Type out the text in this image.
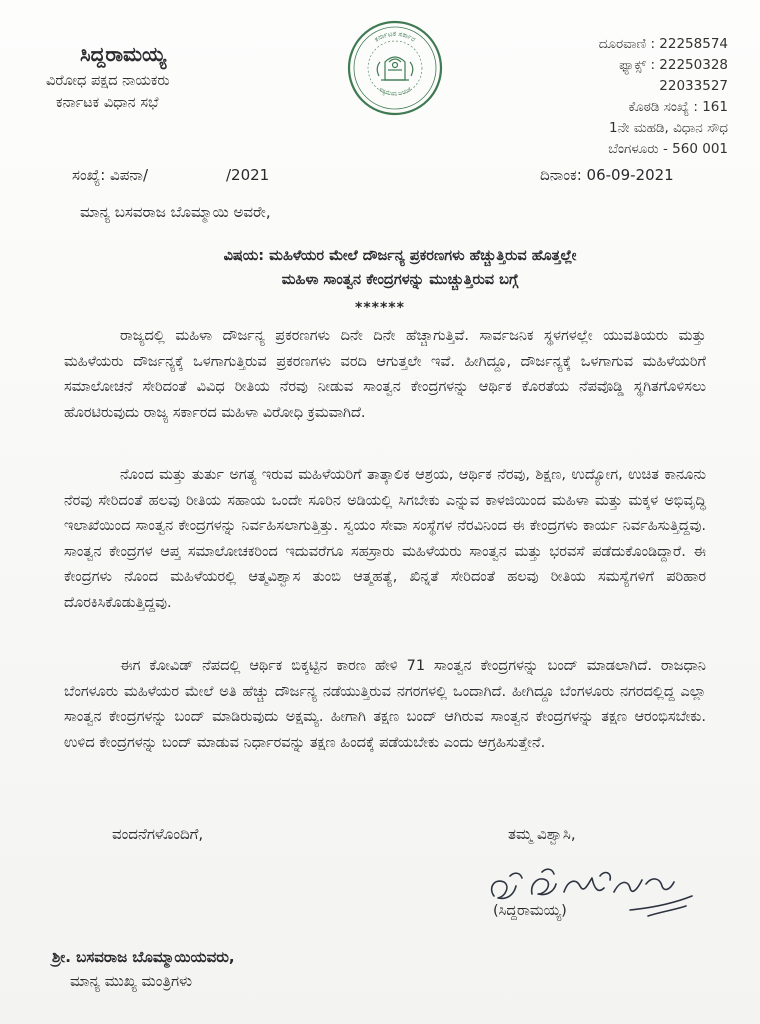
ಸಿದ್ದರಾಮಯ್ಯ
ವಿರೋಧ ಪಕ್ಷದ ನಾಯಕರು
ಕರ್ನಾಟಕ ವಿಧಾನ ಸಭೆ
ಕರ್ನಾಟಕ ಸರ್ಕಾರ
ಸತ್ಯಮೇವ ಜಯತೆ
ದೂರವಾಣಿ : 22258574
ಫ್ಯಾಕ್ಸ್ : 22250328
22033527
ಕೊಠಡಿ ಸಂಖ್ಯೆ : 161
1ನೇ ಮಹಡಿ, ವಿಧಾನ ಸೌಧ
ಬೆಂಗಳೂರು - 560 001
ಸಂಖ್ಯೆ: ವಿಪನಾ/	/2021	ದಿನಾಂಕ: 06-09-2021
ಮಾನ್ಯ ಬಸವರಾಜ ಬೊಮ್ಮಾಯಿ ಅವರೇ,
ವಿಷಯ: ಮಹಿಳೆಯರ ಮೇಲೆ ದೌರ್ಜನ್ಯ ಪ್ರಕರಣಗಳು ಹೆಚ್ಚುತ್ತಿರುವ ಹೊತ್ತಲ್ಲೇ
ಮಹಿಳಾ ಸಾಂತ್ವನ ಕೇಂದ್ರಗಳನ್ನು ಮುಚ್ಚುತ್ತಿರುವ ಬಗ್ಗೆ
******
ರಾಜ್ಯದಲ್ಲಿ ಮಹಿಳಾ ದೌರ್ಜನ್ಯ ಪ್ರಕರಣಗಳು ದಿನೇ ದಿನೇ ಹೆಚ್ಚಾಗುತ್ತಿವೆ. ಸಾರ್ವಜನಿಕ ಸ್ಥಳಗಳಲ್ಲೇ ಯುವತಿಯರು ಮತ್ತು ಮಹಿಳೆಯರು ದೌರ್ಜನ್ಯಕ್ಕೆ ಒಳಗಾಗುತ್ತಿರುವ ಪ್ರಕರಣಗಳು ವರದಿ ಆಗುತ್ತಲೇ ಇವೆ. ಹೀಗಿದ್ದೂ, ದೌರ್ಜನ್ಯಕ್ಕೆ ಒಳಗಾಗುವ ಮಹಿಳೆಯರಿಗೆ ಸಮಾಲೋಚನೆ ಸೇರಿದಂತೆ ವಿವಿಧ ರೀತಿಯ ನೆರವು ನೀಡುವ ಸಾಂತ್ವನ ಕೇಂದ್ರಗಳನ್ನು ಆರ್ಥಿಕ ಕೊರತೆಯ ನೆಪವೊಡ್ಡಿ ಸ್ಥಗಿತಗೊಳಿಸಲು ಹೊರಟಿರುವುದು ರಾಜ್ಯ ಸರ್ಕಾರದ ಮಹಿಳಾ ವಿರೋಧಿ ಕ್ರಮವಾಗಿದೆ.
ನೊಂದ ಮತ್ತು ತುರ್ತು ಅಗತ್ಯ ಇರುವ ಮಹಿಳೆಯರಿಗೆ ತಾತ್ಕಾಲಿಕ ಆಶ್ರಯ, ಆರ್ಥಿಕ ನೆರವು, ಶಿಕ್ಷಣ, ಉದ್ಯೋಗ, ಉಚಿತ ಕಾನೂನು ನೆರವು ಸೇರಿದಂತೆ ಹಲವು ರೀತಿಯ ಸಹಾಯ ಒಂದೇ ಸೂರಿನ ಅಡಿಯಲ್ಲಿ ಸಿಗಬೇಕು ಎನ್ನುವ ಕಾಳಜಿಯಿಂದ ಮಹಿಳಾ ಮತ್ತು ಮಕ್ಕಳ ಅಭಿವೃದ್ಧಿ ಇಲಾಖೆಯಿಂದ ಸಾಂತ್ವನ ಕೇಂದ್ರಗಳನ್ನು ನಿರ್ವಹಿಸಲಾಗುತ್ತಿತ್ತು. ಸ್ವಯಂ ಸೇವಾ ಸಂಸ್ಥೆಗಳ ನೆರವಿನಿಂದ ಈ ಕೇಂದ್ರಗಳು ಕಾರ್ಯ ನಿರ್ವಹಿಸುತ್ತಿದ್ದವು. ಸಾಂತ್ವನ ಕೇಂದ್ರಗಳ ಆಪ್ತ ಸಮಾಲೋಚಕರಿಂದ ಇದುವರೆಗೂ ಸಹಸ್ರಾರು ಮಹಿಳೆಯರು ಸಾಂತ್ವನ ಮತ್ತು ಭರವಸೆ ಪಡೆದುಕೊಂಡಿದ್ದಾರೆ. ಈ ಕೇಂದ್ರಗಳು ನೊಂದ ಮಹಿಳೆಯರಲ್ಲಿ ಆತ್ಮವಿಶ್ವಾಸ ತುಂಬಿ ಆತ್ಮಹತ್ಯೆ, ಖಿನ್ನತೆ ಸೇರಿದಂತೆ ಹಲವು ರೀತಿಯ ಸಮಸ್ಯೆಗಳಿಗೆ ಪರಿಹಾರ ದೊರಕಿಸಿಕೊಡುತ್ತಿದ್ದವು.
ಈಗ ಕೋವಿಡ್ ನೆಪದಲ್ಲಿ ಆರ್ಥಿಕ ಬಿಕ್ಕಟ್ಟಿನ ಕಾರಣ ಹೇಳಿ 71 ಸಾಂತ್ವನ ಕೇಂದ್ರಗಳನ್ನು ಬಂದ್ ಮಾಡಲಾಗಿದೆ. ರಾಜಧಾನಿ ಬೆಂಗಳೂರು ಮಹಿಳೆಯರ ಮೇಲೆ ಅತಿ ಹೆಚ್ಚು ದೌರ್ಜನ್ಯ ನಡೆಯುತ್ತಿರುವ ನಗರಗಳಲ್ಲಿ ಒಂದಾಗಿದೆ. ಹೀಗಿದ್ದೂ ಬೆಂಗಳೂರು ನಗರದಲ್ಲಿದ್ದ ಎಲ್ಲಾ ಸಾಂತ್ವನ ಕೇಂದ್ರಗಳನ್ನು ಬಂದ್ ಮಾಡಿರುವುದು ಅಕ್ಷಮ್ಯ. ಹೀಗಾಗಿ ತಕ್ಷಣ ಬಂದ್ ಆಗಿರುವ ಸಾಂತ್ವನ ಕೇಂದ್ರಗಳನ್ನು ತಕ್ಷಣ ಆರಂಭಿಸಬೇಕು. ಉಳಿದ ಕೇಂದ್ರಗಳನ್ನು ಬಂದ್ ಮಾಡುವ ನಿರ್ಧಾರವನ್ನು ತಕ್ಷಣ ಹಿಂದಕ್ಕೆ ಪಡೆಯಬೇಕು ಎಂದು ಆಗ್ರಹಿಸುತ್ತೇನೆ.
ವಂದನೆಗಳೊಂದಿಗೆ,	ತಮ್ಮ ವಿಶ್ವಾಸಿ,
(ಸಿದ್ದರಾಮಯ್ಯ)
ಶ್ರೀ. ಬಸವರಾಜ ಬೊಮ್ಮಾಯಿಯವರು,
ಮಾನ್ಯ ಮುಖ್ಯ ಮಂತ್ರಿಗಳು
